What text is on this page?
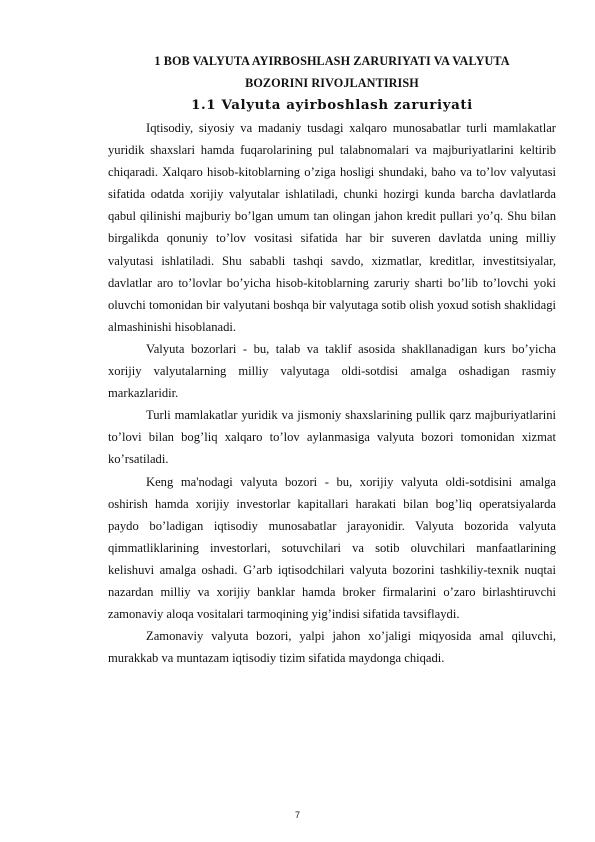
1 BOB VALYUTA AYIRBOSHLASH ZARURIYATI VA VALYUTA

BOZORINI RIVOJLANTIRISH

1.1 Valyuta ayirboshlash zaruriyati

Iqtisodiy, siyosiy va madaniy tusdagi xalqaro munosabatlar turli mamlakatlar yuridik shaxslari hamda fuqarolarining pul talabnomalari va majburiyatlarini keltirib chiqaradi. Xalqaro hisob-kitoblarning o’ziga hosligi shundaki, baho va to’lov valyutasi sifatida odatda xorijiy valyutalar ishlatiladi, chunki hozirgi kunda barcha davlatlarda qabul qilinishi majburiy bo’lgan umum tan olingan jahon kredit pullari yo’q. Shu bilan birgalikda qonuniy to’lov vositasi sifatida har bir suveren davlatda uning milliy valyutasi ishlatiladi. Shu sababli tashqi savdo, xizmatlar, kreditlar, investitsiyalar, davlatlar aro to’lovlar bo’yicha hisob-kitoblarning zaruriy sharti bo’lib to’lovchi yoki oluvchi tomonidan bir valyutani boshqa bir valyutaga sotib olish yoxud sotish shaklidagi almashinishi hisoblanadi.

Valyuta bozorlari - bu, talab va taklif asosida shakllanadigan kurs bo’yicha xorijiy valyutalarning milliy valyutaga oldi-sotdisi amalga oshadigan rasmiy markazlaridir.

Turli mamlakatlar yuridik va jismoniy shaxslarining pullik qarz majburiyatlarini to’lovi bilan bog’liq xalqaro to’lov aylanmasiga valyuta bozori tomonidan xizmat ko’rsatiladi.

Keng ma'nodagi valyuta bozori - bu, xorijiy valyuta oldi-sotdisini amalga oshirish hamda xorijiy investorlar kapitallari harakati bilan bog’liq operatsiyalarda paydo bo’ladigan iqtisodiy munosabatlar jarayonidir. Valyuta bozorida valyuta qimmatliklarining investorlari, sotuvchilari va sotib oluvchilari manfaatlarining kelishuvi amalga oshadi. G’arb iqtisodchilari valyuta bozorini tashkiliy-texnik nuqtai nazardan milliy va xorijiy banklar hamda broker firmalarini o’zaro birlashtiruvchi zamonaviy aloqa vositalari tarmoqining yig’indisi sifatida tavsiflaydi.

Zamonaviy valyuta bozori, yalpi jahon xo’jaligi miqyosida amal qiluvchi, murakkab va muntazam iqtisodiy tizim sifatida maydonga chiqadi.

7
